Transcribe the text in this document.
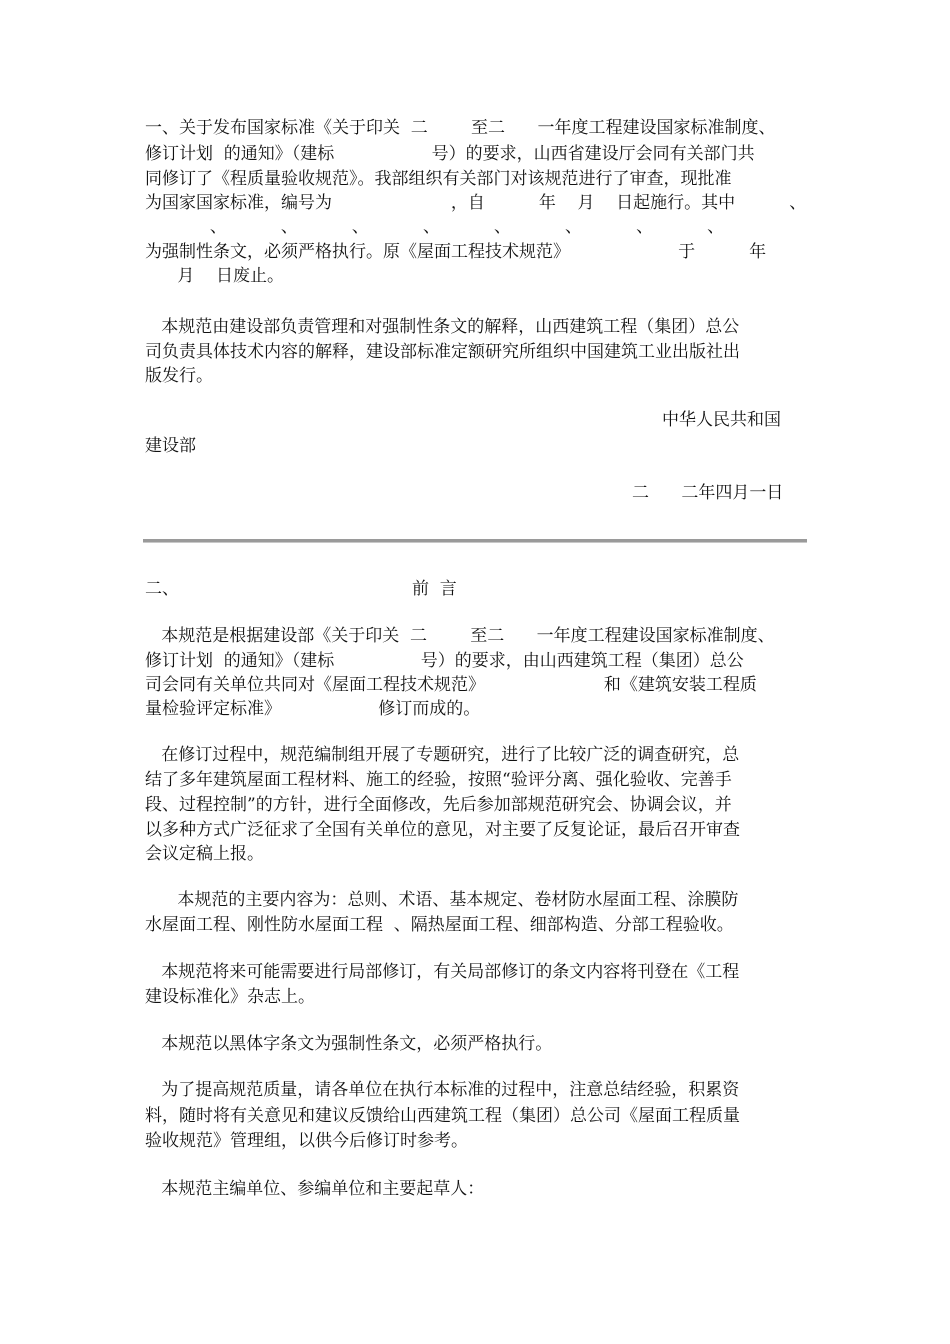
一、关于发布国家标准《关于印关  二        至二      一年度工程建设国家标准制度、
修订计划  的通知》（建标                  号）的要求，山西省建设厅会同有关部门共
同修订了《程质量验收规范》。我部组织有关部门对该规范进行了审查，现批准
为国家国家标准，编号为                      ，自          年    月    日起施行。其中          、
、          、          、          、          、          、          、          、
为强制性条文，必须严格执行。原《屋面工程技术规范》                    于          年
月    日废止。
本规范由建设部负责管理和对强制性条文的解释，山西建筑工程（集团）总公
司负责具体技术内容的解释，建设部标准定额研究所组织中国建筑工业出版社出
版发行。
中华人民共和国
建设部
二      二年四月一日
二、	前  言
本规范是根据建设部《关于印关  二        至二      一年度工程建设国家标准制度、
修订计划  的通知》（建标                号）的要求，由山西建筑工程（集团）总公
司会同有关单位共同对《屋面工程技术规范》                      和《建筑安装工程质
量检验评定标准》                  修订而成的。
在修订过程中，规范编制组开展了专题研究，进行了比较广泛的调查研究，总
结了多年建筑屋面工程材料、施工的经验，按照“验评分离、强化验收、完善手
段、过程控制”的方针，进行全面修改，先后参加部规范研究会、协调会议，并
以多种方式广泛征求了全国有关单位的意见，对主要了反复论证，最后召开审查
会议定稿上报。
本规范的主要内容为：总则、术语、基本规定、卷材防水屋面工程、涂膜防
水屋面工程、刚性防水屋面工程  、隔热屋面工程、细部构造、分部工程验收。
本规范将来可能需要进行局部修订，有关局部修订的条文内容将刊登在《工程
建设标准化》杂志上。
本规范以黑体字条文为强制性条文，必须严格执行。
为了提高规范质量，请各单位在执行本标准的过程中，注意总结经验，积累资
料，随时将有关意见和建议反馈给山西建筑工程（集团）总公司《屋面工程质量
验收规范》管理组，以供今后修订时参考。
本规范主编单位、参编单位和主要起草人：
